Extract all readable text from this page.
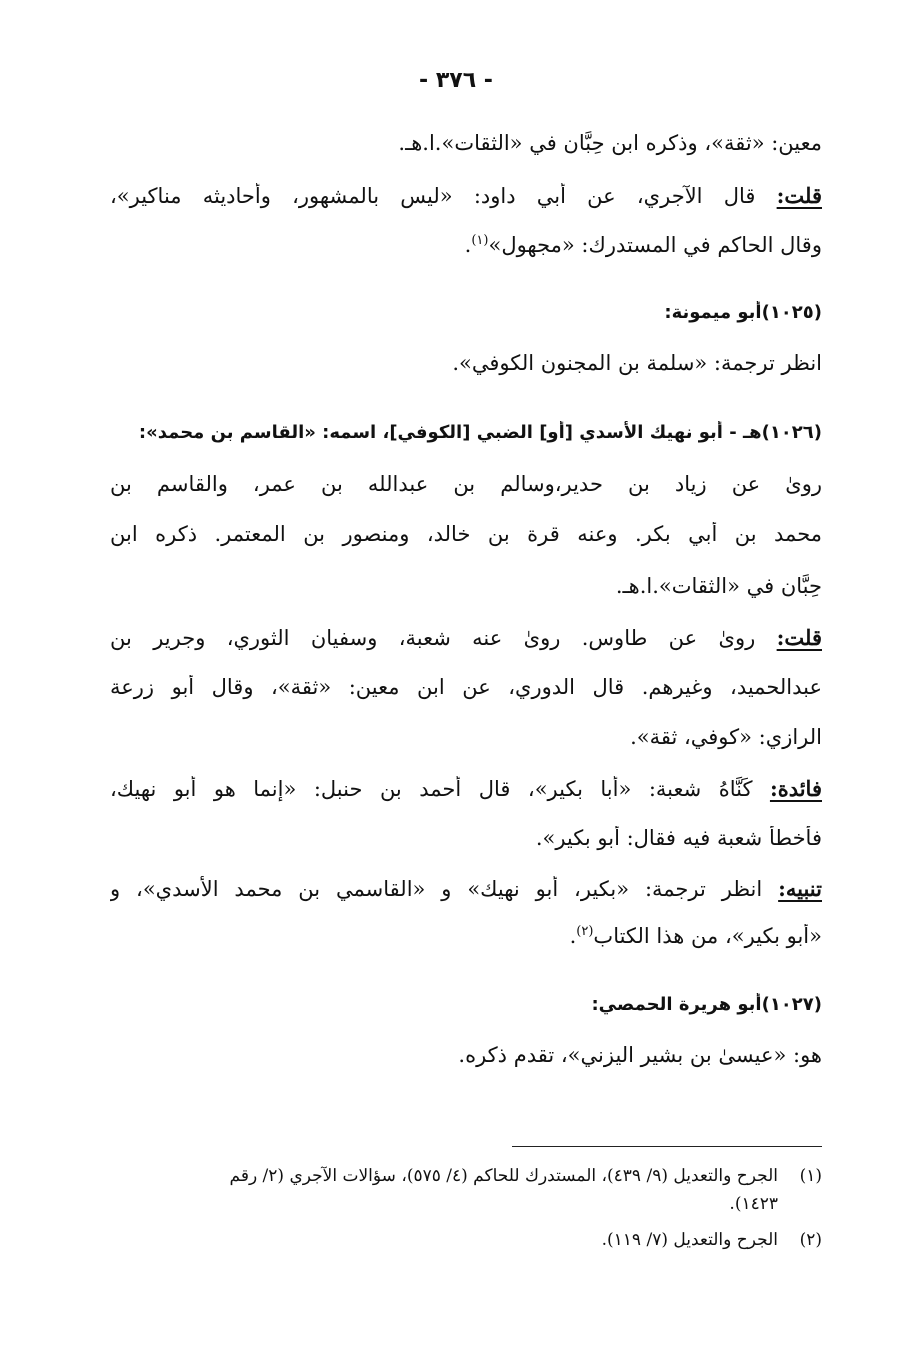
- ٣٧٦ -
معين: «ثقة»، وذكره ابن حِبَّان في «الثقات».ا.هـ.
قلت: قال الآجري، عن أبي داود: «ليس بالمشهور، وأحاديثه مناكير»،
وقال الحاكم في المستدرك: «مجهول»$^{(١)}$.
(١٠٢٥)أبو ميمونة:
انظر ترجمة: «سلمة بن المجنون الكوفي».
(١٠٢٦)هـ - أبو نهيك الأسدي [أو] الضبي [الكوفي]، اسمه: «القاسم بن محمد»:
روىٰ عن زياد بن حدير،وسالم بن عبدالله بن عمر، والقاسم بن
محمد بن أبي بكر. وعنه قرة بن خالد، ومنصور بن المعتمر. ذكره ابن
حِبَّان في «الثقات».ا.هـ.
قلت: روىٰ عن طاوس. روىٰ عنه شعبة، وسفيان الثوري، وجرير بن
عبدالحميد، وغيرهم. قال الدوري، عن ابن معين: «ثقة»، وقال أبو زرعة
الرازي: «كوفي، ثقة».
فائدة: كَنَّاهُ شعبة: «أبا بكير»، قال أحمد بن حنبل: «إنما هو أبو نهيك،
فأخطأ شعبة فيه فقال: أبو بكير».
تنبيه: انظر ترجمة: «بكير، أبو نهيك» و «القاسمي بن محمد الأسدي»، و
«أبو بكير»، من هذا الكتاب$^{(٢)}$.
(١٠٢٧)أبو هريرة الحمصي:
هو: «عيسىٰ بن بشير اليزني»، تقدم ذكره.
(١)الجرح والتعديل (٩/ ٤٣٩)، المستدرك للحاكم (٤/ ٥٧٥)، سؤالات الآجري (٢/ رقم
١٤٢٣).
(٢)الجرح والتعديل (٧/ ١١٩).
